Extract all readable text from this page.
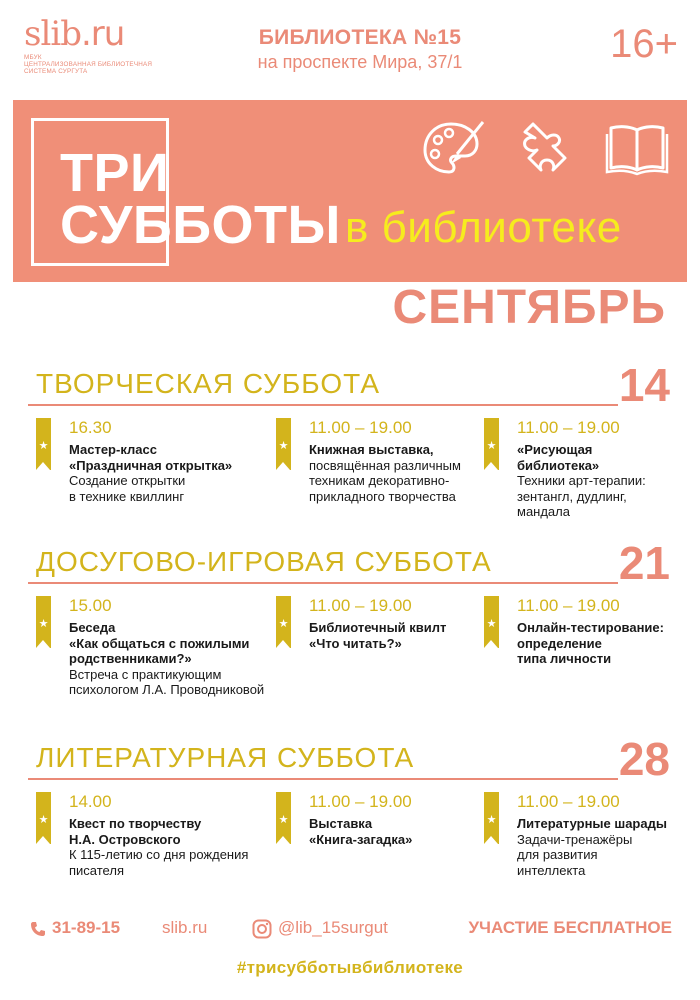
slib.ru
МБУК
ЦЕНТРАЛИЗОВАННАЯ БИБЛИОТЕЧНАЯ
СИСТЕМА СУРГУТА
БИБЛИОТЕКА №15
на проспекте Мира, 37/1	16+
ТРИ
СУББОТЫ в библиотеке
СЕНТЯБРЬ
ТВОРЧЕСКАЯ СУББОТА	14
★
16.30
Мастер-класс
«Праздничная открытка»
Создание открытки
в технике квиллинг
★
11.00 – 19.00
Книжная выставка,
посвящённая различным
техникам декоративно-
прикладного творчества
★
11.00 – 19.00
«Рисующая
библиотека»
Техники арт-терапии:
зентангл, дудлинг,
мандала
ДОСУГОВО-ИГРОВАЯ СУББОТА	21
★
15.00
Беседа
«Как общаться с пожилыми
родственниками?»
Встреча с практикующим
психологом Л.А. Проводниковой
★
11.00 – 19.00
Библиотечный квилт
«Что читать?»
★
11.00 – 19.00
Онлайн-тестирование:
определение
типа личности
ЛИТЕРАТУРНАЯ СУББОТА	28
★
14.00
Квест по творчеству
Н.А. Островского
К 115-летию со дня рождения
писателя
★
11.00 – 19.00
Выставка
«Книга-загадка»
★
11.00 – 19.00
Литературные шарады
Задачи-тренажёры
для развития
интеллекта
31-89-15 slib.ru	@lib_15surgut	УЧАСТИЕ БЕСПЛАТНОЕ
#трисубботывбиблиотеке
